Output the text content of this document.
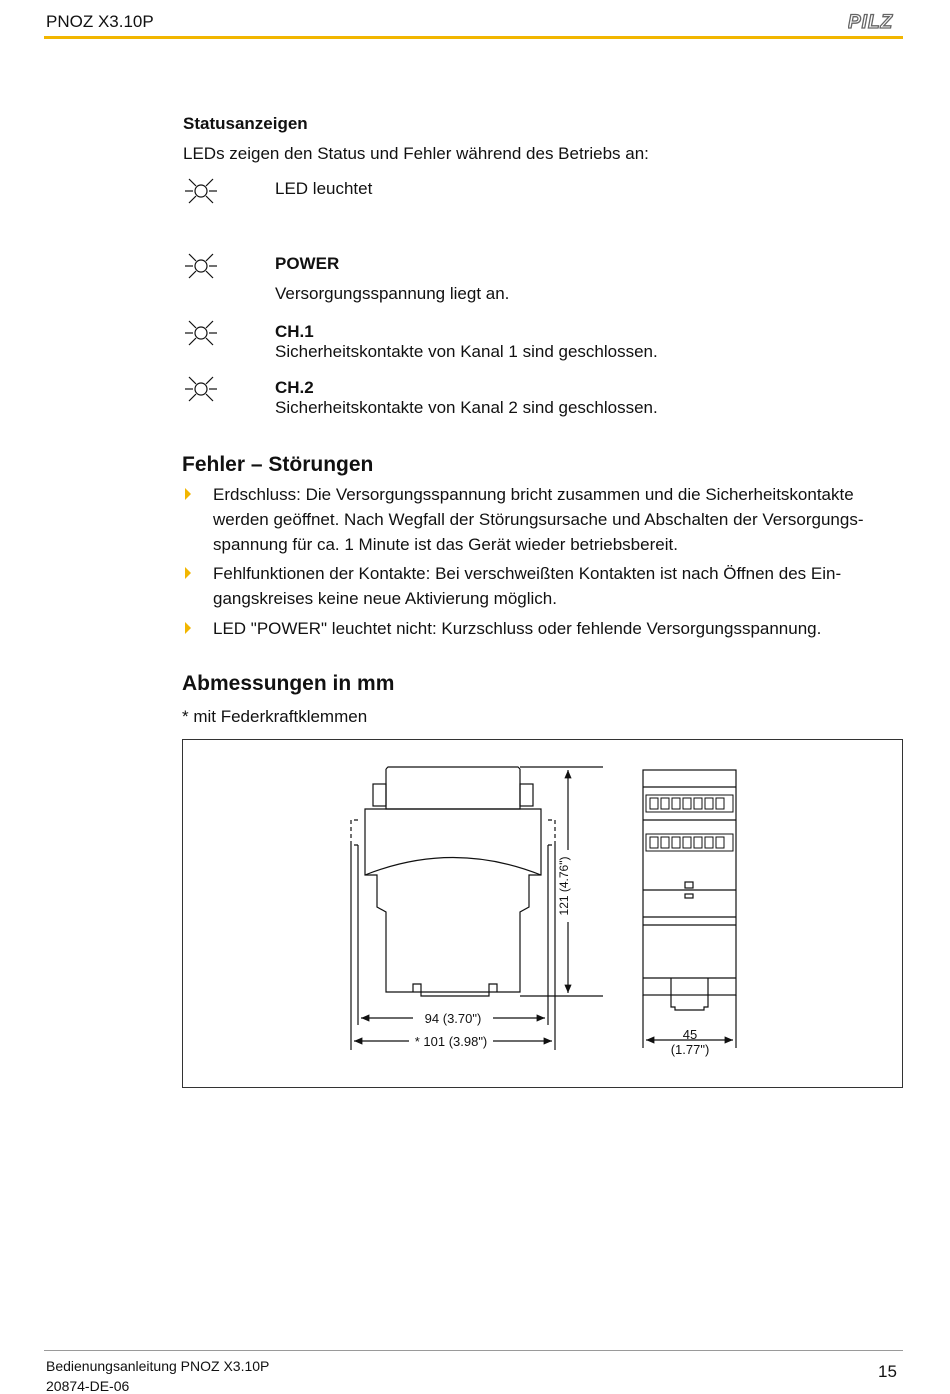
PNOZ X3.10P	PILZ
Statusanzeigen
LEDs zeigen den Status und Fehler während des Betriebs an:
LED leuchtet
POWER
Versorgungsspannung liegt an.
CH.1
Sicherheitskontakte von Kanal 1 sind geschlossen.
CH.2
Sicherheitskontakte von Kanal 2 sind geschlossen.
Fehler – Störungen
Erdschluss: Die Versorgungsspannung bricht zusammen und die Sicherheitskontakte
werden geöffnet. Nach Wegfall der Störungsursache und Abschalten der Versorgungs-
spannung für ca. 1 Minute ist das Gerät wieder betriebsbereit.
Fehlfunktionen der Kontakte: Bei verschweißten Kontakten ist nach Öffnen des Ein-
gangskreises keine neue Aktivierung möglich.
LED "POWER" leuchtet nicht: Kurzschluss oder fehlende Versorgungsspannung.
Abmessungen in mm
* mit Federkraftklemmen
121 (4.76")
94 (3.70")
* 101 (3.98")	45
(1.77")
Bedienungsanleitung PNOZ X3.10P
20874-DE-06
15
